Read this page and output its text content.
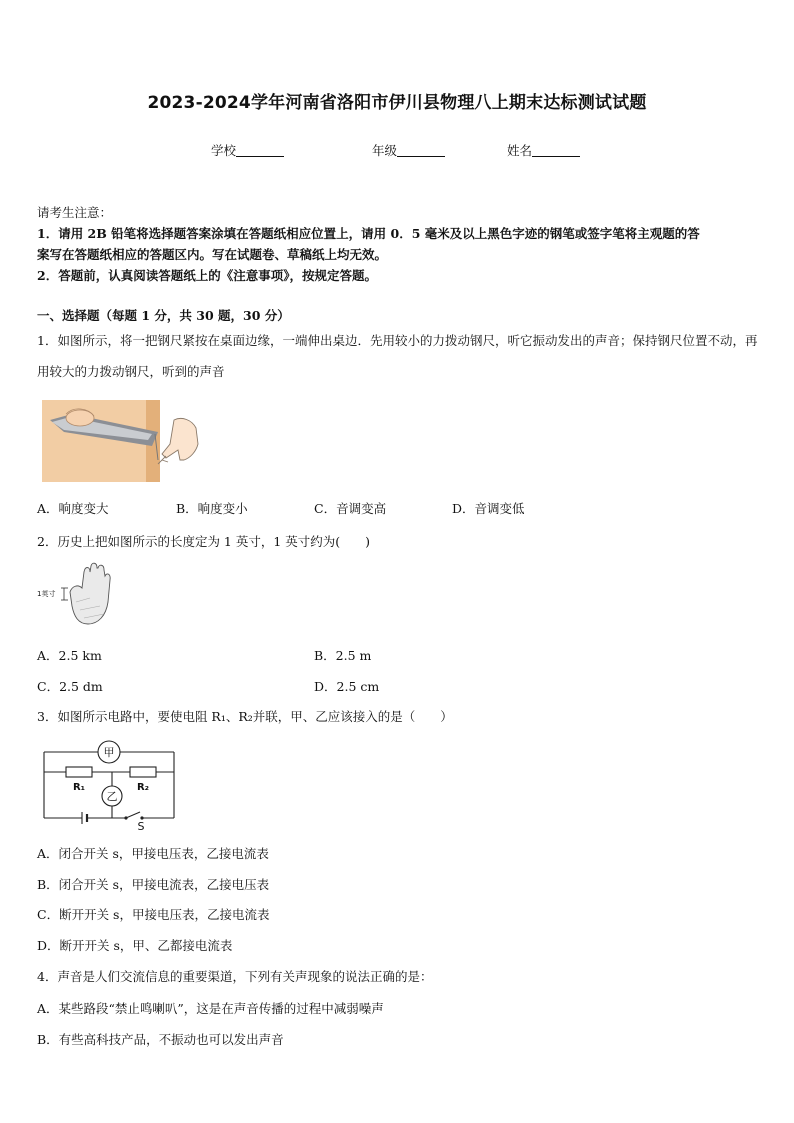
2023-2024学年河南省洛阳市伊川县物理八上期末达标测试试题
学校	年级	姓名
请考生注意：
1．请用 2B 铅笔将选择题答案涂填在答题纸相应位置上，请用 0．5 毫米及以上黑色字迹的钢笔或签字笔将主观题的答
案写在答题纸相应的答题区内。写在试题卷、草稿纸上均无效。
2．答题前，认真阅读答题纸上的《注意事项》，按规定答题。
一、选择题（每题 1 分，共 30 题，30 分）
1．如图所示，将一把钢尺紧按在桌面边缘，一端伸出桌边．先用较小的力拨动钢尺，听它振动发出的声音；保持钢尺位置不动，再用较大的力拨动钢尺，听到的声音
A．响度变大	B．响度变小	C．音调变高	D．音调变低
2．历史上把如图所示的长度定为 1 英寸，1 英寸约为(　　)
1英寸
A．2.5 km	B．2.5 m
C．2.5 dm	D．2.5 cm
3．如图所示电路中，要使电阻 R₁、R₂并联，甲、乙应该接入的是（　　）
甲
乙
R₁	R₂
S
A．闭合开关 s，甲接电压表，乙接电流表
B．闭合开关 s，甲接电流表，乙接电压表
C．断开开关 s，甲接电压表，乙接电流表
D．断开开关 s，甲、乙都接电流表
4．声音是人们交流信息的重要渠道，下列有关声现象的说法正确的是：
A．某些路段“禁止鸣喇叭”，这是在声音传播的过程中减弱噪声
B．有些高科技产品，不振动也可以发出声音
